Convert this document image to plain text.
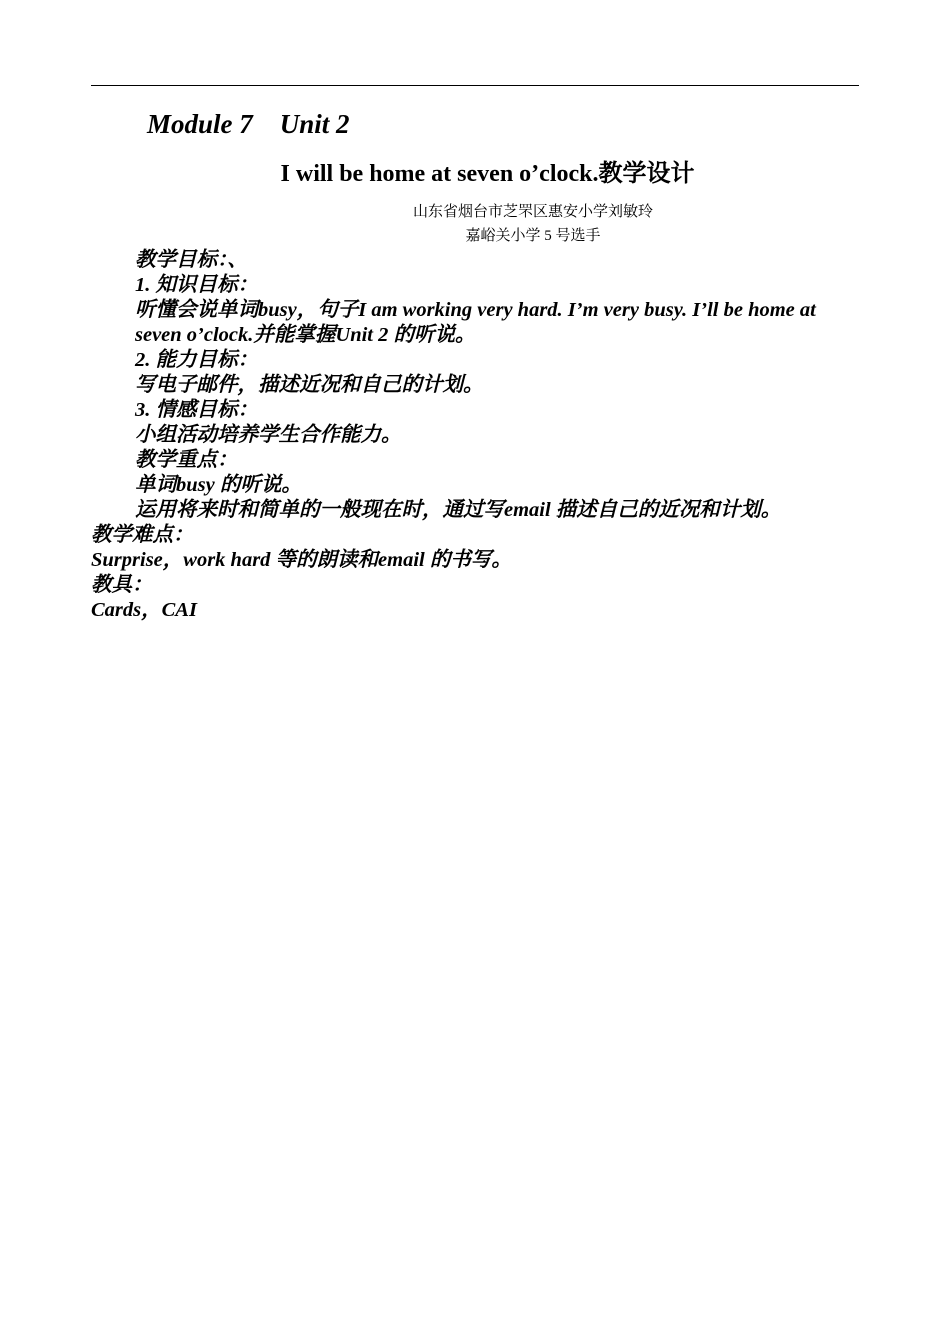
Module 7    Unit 2
I will be home at seven o’clock.教学设计
山东省烟台市芝罘区惠安小学刘敏玲
嘉峪关小学 5 号选手
教学目标：、
1. 知识目标：
听懂会说单词busy，句子I am working very hard. I’m very busy. I’ll be home at seven o’clock.并能掌握Unit 2 的听说。
2. 能力目标：
写电子邮件，描述近况和自己的计划。
3. 情感目标：
小组活动培养学生合作能力。
教学重点：
单词busy 的听说。
运用将来时和简单的一般现在时，通过写email 描述自己的近况和计划。
教学难点：
Surprise，work hard 等的朗读和email 的书写。
教具：
Cards，CAI
